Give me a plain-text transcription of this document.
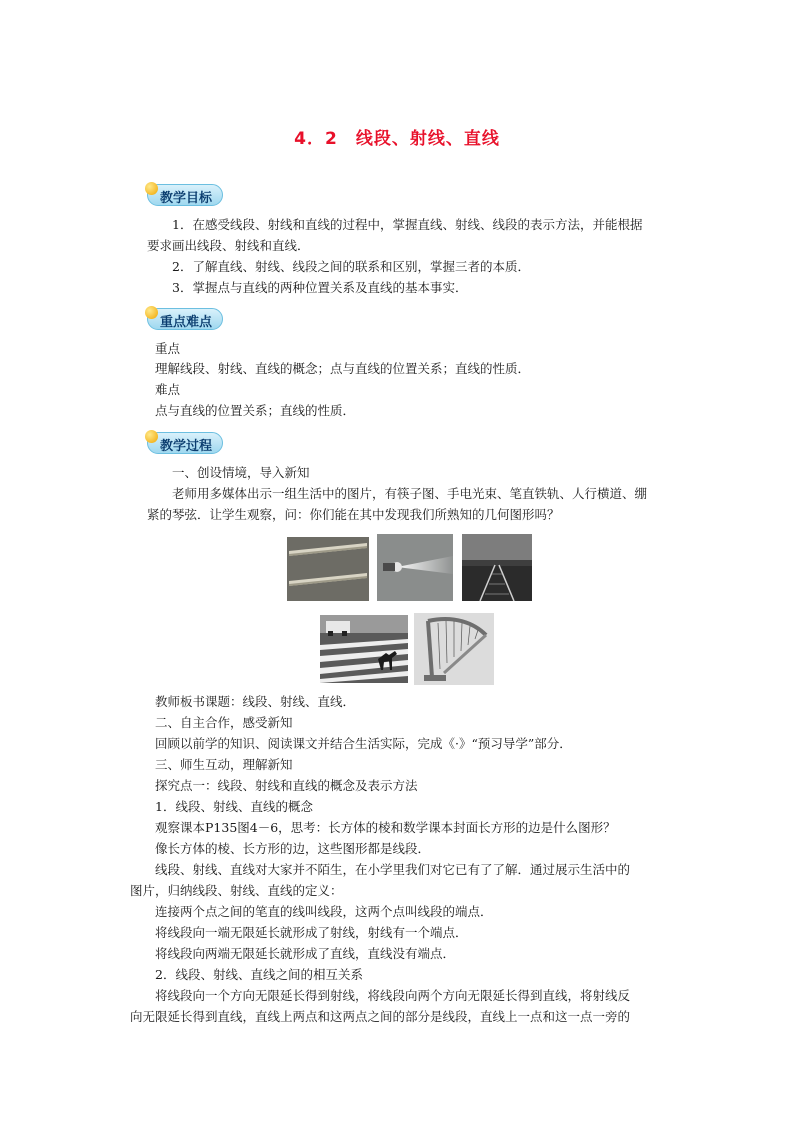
4．2　线段、射线、直线
教学目标
　　1．在感受线段、射线和直线的过程中，掌握直线、射线、线段的表示方法，并能根据
要求画出线段、射线和直线．
　　2．了解直线、射线、线段之间的联系和区别，掌握三者的本质．
　　3．掌握点与直线的两种位置关系及直线的基本事实．
重点难点
　　重点
　　理解线段、射线、直线的概念；点与直线的位置关系；直线的性质．
　　难点
　　点与直线的位置关系；直线的性质．
教学过程
　　一、创设情境，导入新知
　　老师用多媒体出示一组生活中的图片，有筷子图、手电光束、笔直铁轨、人行横道、绷
紧的琴弦．让学生观察，问：你们能在其中发现我们所熟知的几何图形吗？
　　教师板书课题：线段、射线、直线．
　　二、自主合作，感受新知
　　回顾以前学的知识、阅读课文并结合生活实际，完成《·》“预习导学”部分．
　　三、师生互动，理解新知
　　探究点一：线段、射线和直线的概念及表示方法
　　1．线段、射线、直线的概念
　　观察课本P135图4－6，思考：长方体的棱和数学课本封面长方形的边是什么图形？
　　像长方体的棱、长方形的边，这些图形都是线段．
　　线段、射线、直线对大家并不陌生，在小学里我们对它已有了了解．通过展示生活中的
图片，归纳线段、射线、直线的定义：
　　连接两个点之间的笔直的线叫线段，这两个点叫线段的端点．
　　将线段向一端无限延长就形成了射线，射线有一个端点．
　　将线段向两端无限延长就形成了直线，直线没有端点．
　　2．线段、射线、直线之间的相互关系
　　将线段向一个方向无限延长得到射线，将线段向两个方向无限延长得到直线，将射线反
向无限延长得到直线，直线上两点和这两点之间的部分是线段，直线上一点和这一点一旁的
